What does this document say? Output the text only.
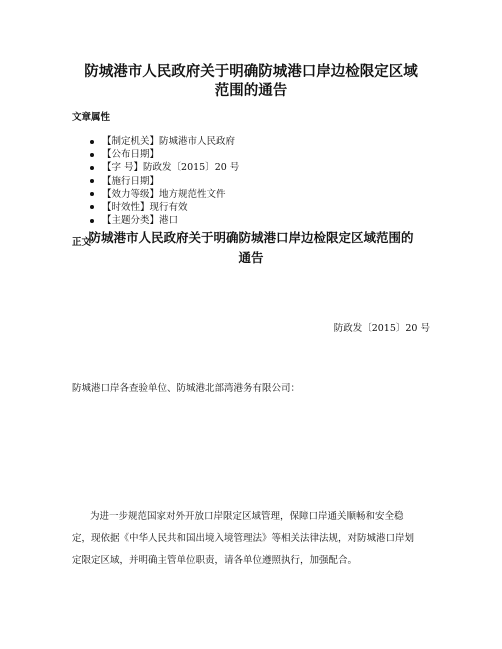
防城港市人民政府关于明确防城港口岸边检限定区域
范围的通告
文章属性
【制定机关】防城港市人民政府
【公布日期】
【字 号】防政发〔2015〕20 号
【施行日期】
【效力等级】地方规范性文件
【时效性】现行有效
【主题分类】港口
正文
防城港市人民政府关于明确防城港口岸边检限定区域范围的
通告
防政发〔2015〕20 号
防城港口岸各查验单位、防城港北部湾港务有限公司：
为进一步规范国家对外开放口岸限定区域管理，保障口岸通关顺畅和安全稳
定，现依据《中华人民共和国出境入境管理法》等相关法律法规，对防城港口岸划
定限定区域，并明确主管单位职责，请各单位遵照执行，加强配合。
